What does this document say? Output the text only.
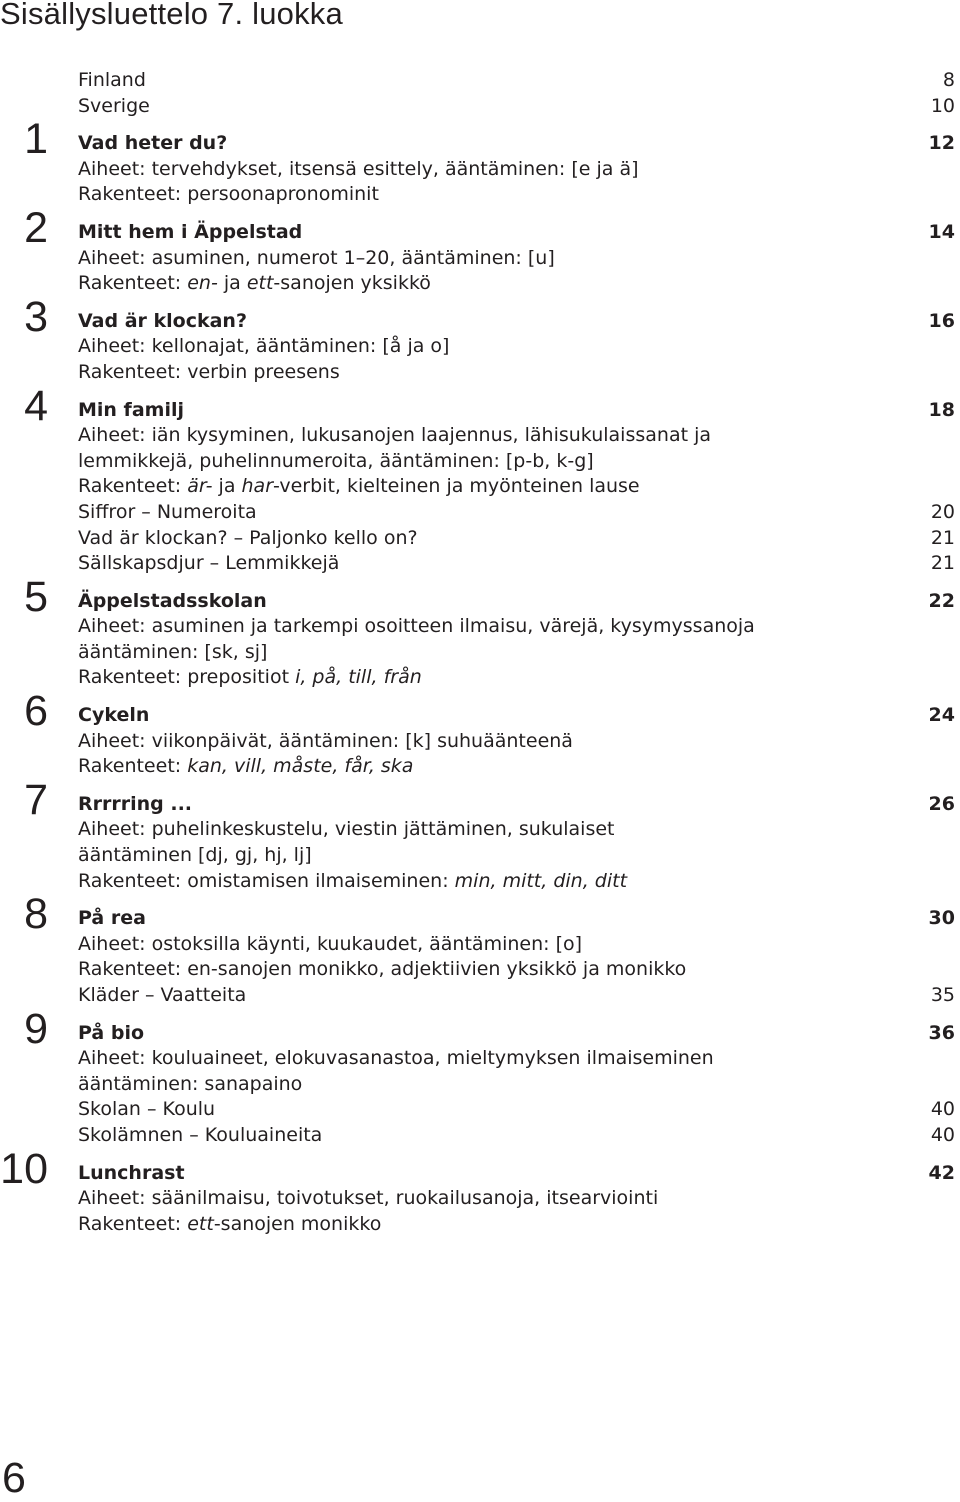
Sisällysluettelo 7. luokka
Finland	8
Sverige	10
1 Vad heter du?	12
Aiheet: tervehdykset, itsensä esittely, ääntäminen: [e ja ä]
Rakenteet: persoonapronominit
2 Mitt hem i Äppelstad	14
Aiheet: asuminen, numerot 1–20, ääntäminen: [u]
Rakenteet: en- ja ett-sanojen yksikkö
3 Vad är klockan?	16
Aiheet: kellonajat, ääntäminen: [å ja o]
Rakenteet: verbin preesens
4 Min familj	18
Aiheet: iän kysyminen, lukusanojen laajennus, lähisukulaissanat ja
lemmikkejä, puhelinnumeroita, ääntäminen: [p-b, k-g]
Rakenteet: är- ja har-verbit, kielteinen ja myönteinen lause
Siffror – Numeroita	20
Vad är klockan? – Paljonko kello on?	21
Sällskapsdjur – Lemmikkejä	21
5 Äppelstadsskolan	22
Aiheet: asuminen ja tarkempi osoitteen ilmaisu, värejä, kysymyssanoja
ääntäminen: [sk, sj]
Rakenteet: prepositiot i, på, till, från
6 Cykeln	24
Aiheet: viikonpäivät, ääntäminen: [k] suhuäänteenä
Rakenteet: kan, vill, måste, får, ska
7 Rrrrring ...	26
Aiheet: puhelinkeskustelu, viestin jättäminen, sukulaiset
ääntäminen [dj, gj, hj, lj]
Rakenteet: omistamisen ilmaiseminen: min, mitt, din, ditt
8 På rea	30
Aiheet: ostoksilla käynti, kuukaudet, ääntäminen: [o]
Rakenteet: en-sanojen monikko, adjektiivien yksikkö ja monikko
Kläder – Vaatteita	35
9 På bio	36
Aiheet: kouluaineet, elokuvasanastoa, mieltymyksen ilmaiseminen
ääntäminen: sanapaino
Skolan – Koulu	40
Skolämnen – Kouluaineita	40
10 Lunchrast	42
Aiheet: säänilmaisu, toivotukset, ruokailusanoja, itsearviointi
Rakenteet: ett-sanojen monikko
6
